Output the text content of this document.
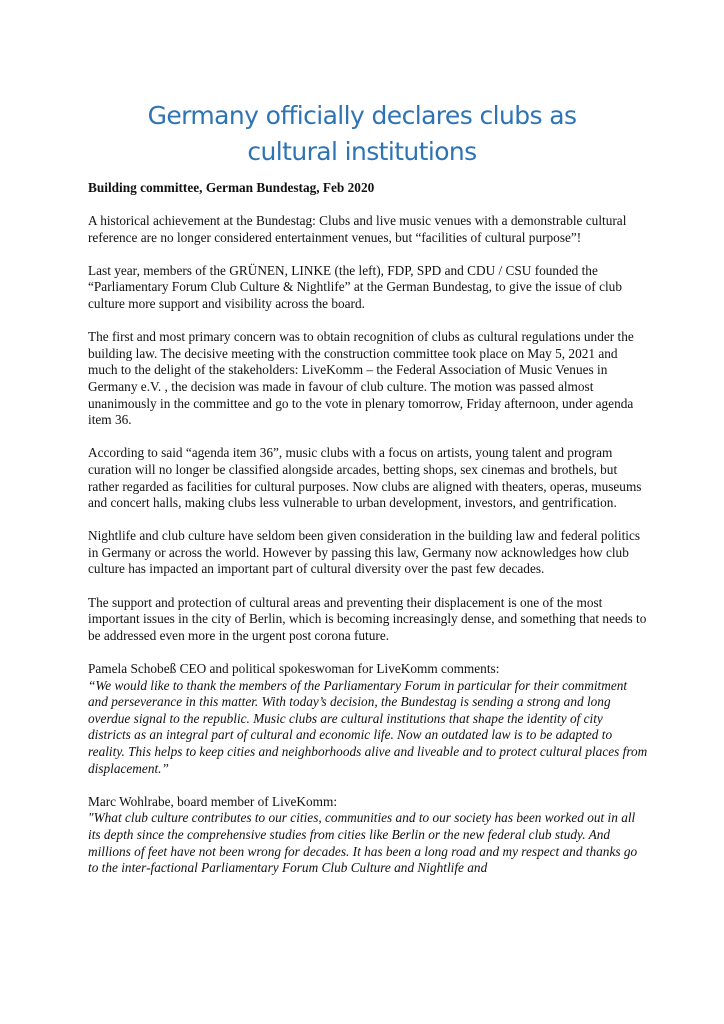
Germany officially declares clubs as
cultural institutions

Building committee, German Bundestag, Feb 2020

A historical achievement at the Bundestag: Clubs and live music venues with a demonstrable cultural reference are no longer considered entertainment venues, but “facilities of cultural purpose”!

Last year, members of the GRÜNEN, LINKE (the left), FDP, SPD and CDU / CSU founded the “Parliamentary Forum Club Culture & Nightlife” at the German Bundestag, to give the issue of club culture more support and visibility across the board.

The first and most primary concern was to obtain recognition of clubs as cultural regulations under the building law. The decisive meeting with the construction committee took place on May 5, 2021 and much to the delight of the stakeholders: LiveKomm – the Federal Association of Music Venues in Germany e.V. , the decision was made in favour of club culture. The motion was passed almost unanimously in the committee and go to the vote in plenary tomorrow, Friday afternoon, under agenda item 36.

According to said “agenda item 36”, music clubs with a focus on artists, young talent and program curation will no longer be classified alongside arcades, betting shops, sex cinemas and brothels, but rather regarded as facilities for cultural purposes. Now clubs are aligned with theaters, operas, museums and concert halls, making clubs less vulnerable to urban development, investors, and gentrification.

Nightlife and club culture have seldom been given consideration in the building law and federal politics in Germany or across the world. However by passing this law, Germany now acknowledges how club culture has impacted an important part of cultural diversity over the past few decades.

The support and protection of cultural areas and preventing their displacement is one of the most important issues in the city of Berlin, which is becoming increasingly dense, and something that needs to be addressed even more in the urgent post corona future.

Pamela Schobeß CEO and political spokeswoman for LiveKomm comments:
“We would like to thank the members of the Parliamentary Forum in particular for their commitment and perseverance in this matter. With today’s decision, the Bundestag is sending a strong and long overdue signal to the republic. Music clubs are cultural institutions that shape the identity of city districts as an integral part of cultural and economic life. Now an outdated law is to be adapted to reality. This helps to keep cities and neighborhoods alive and liveable and to protect cultural places from displacement.”

Marc Wohlrabe, board member of LiveKomm:
"What club culture contributes to our cities, communities and to our society has been worked out in all its depth since the comprehensive studies from cities like Berlin or the new federal club study. And millions of feet have not been wrong for decades. It has been a long road and my respect and thanks go to the inter-factional Parliamentary Forum Club Culture and Nightlife and
